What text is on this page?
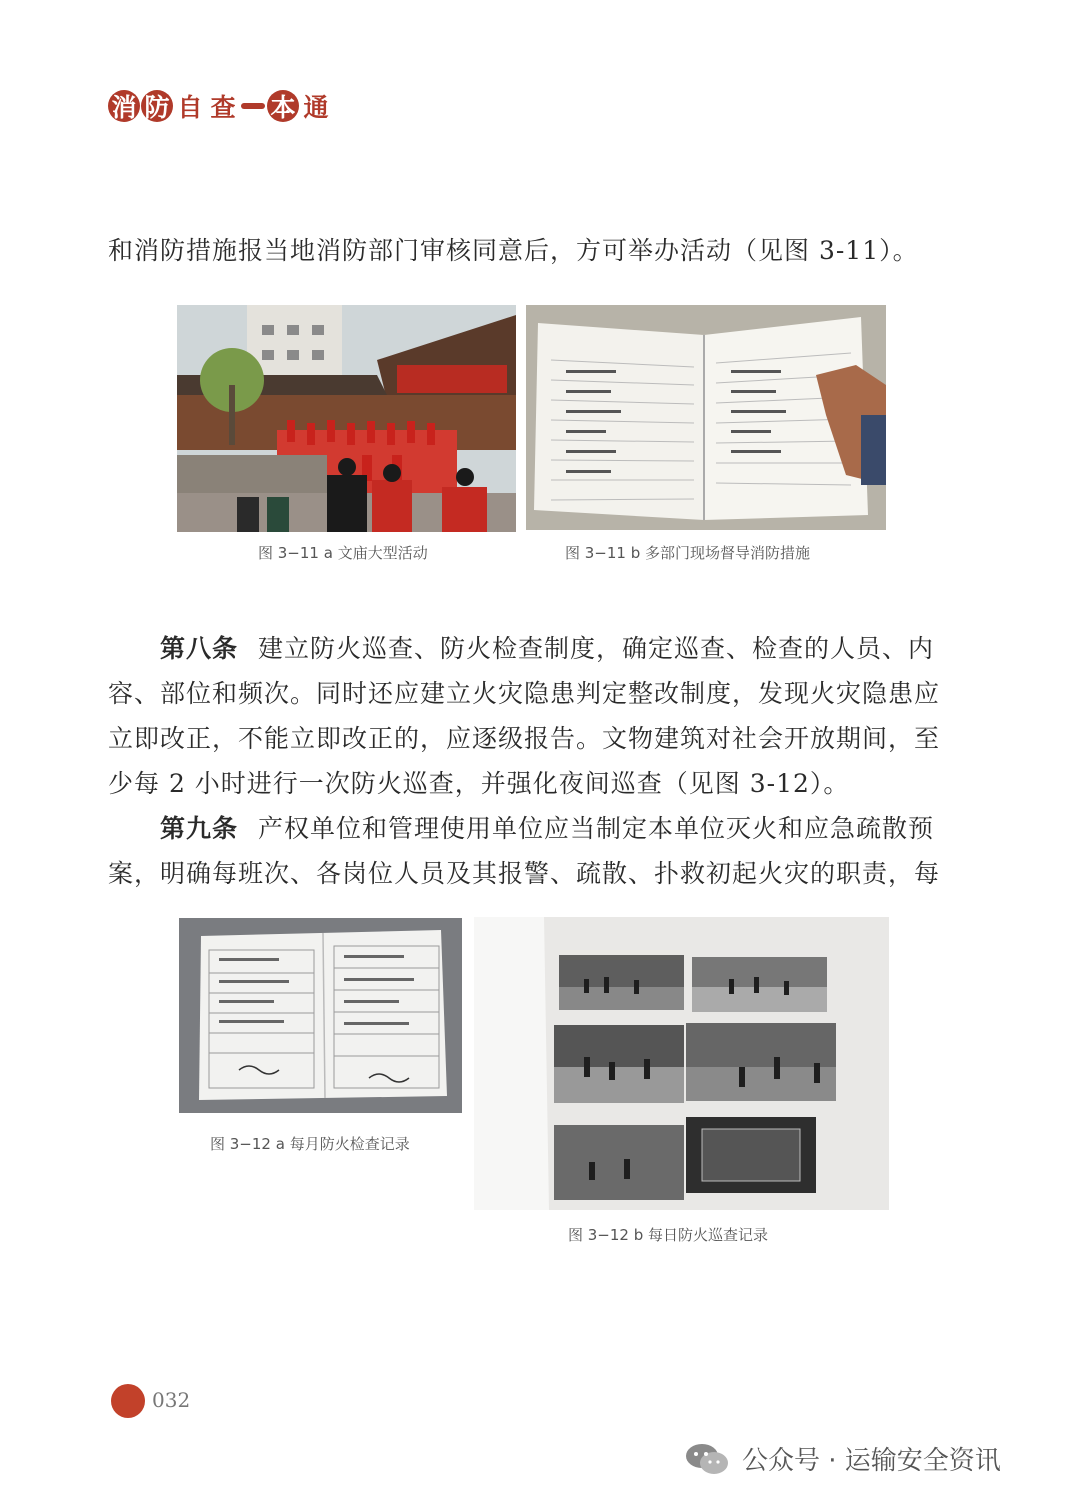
消 防 自 查 本 通
和消防措施报当地消防部门审核同意后，方可举办活动（见图 3-11）。
图 3−11 a 文庙大型活动	图 3−11 b 多部门现场督导消防措施
第八条 建立防火巡查、防火检查制度，确定巡查、检查的人员、内容、部位和频次。同时还应建立火灾隐患判定整改制度，发现火灾隐患应立即改正，不能立即改正的，应逐级报告。文物建筑对社会开放期间，至少每 2 小时进行一次防火巡查，并强化夜间巡查（见图 3-12）。
第九条 产权单位和管理使用单位应当制定本单位灭火和应急疏散预案，明确每班次、各岗位人员及其报警、疏散、扑救初起火灾的职责，每
图 3−12 a 每月防火检查记录
图 3−12 b 每日防火巡查记录
032
公众号 · 运输安全资讯
